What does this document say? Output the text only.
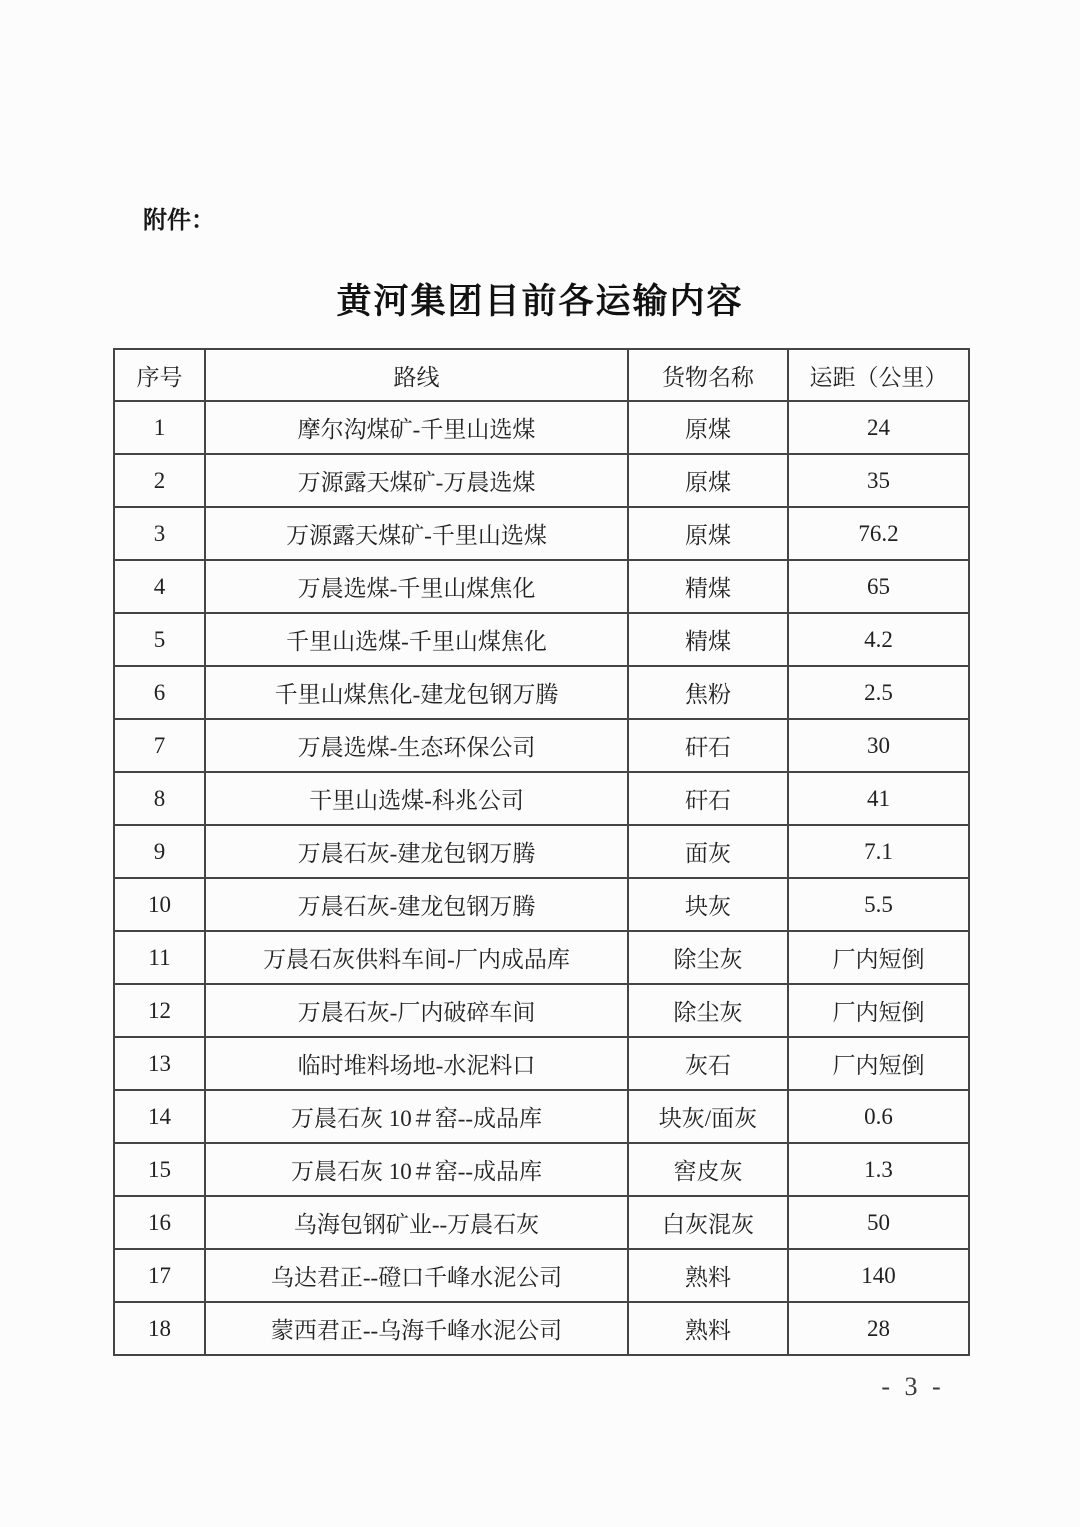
附件：
黄河集团目前各运输内容
序号	路线	货物名称	运距（公里）
1	摩尔沟煤矿-千里山选煤	原煤	24
2	万源露天煤矿-万晨选煤	原煤	35
3	万源露天煤矿-千里山选煤	原煤	76.2
4	万晨选煤-千里山煤焦化	精煤	65
5	千里山选煤-千里山煤焦化	精煤	4.2
6	千里山煤焦化-建龙包钢万腾	焦粉	2.5
7	万晨选煤-生态环保公司	矸石	30
8	干里山选煤-科兆公司	矸石	41
9	万晨石灰-建龙包钢万腾	面灰	7.1
10	万晨石灰-建龙包钢万腾	块灰	5.5
11	万晨石灰供料车间-厂内成品库	除尘灰	厂内短倒
12	万晨石灰-厂内破碎车间	除尘灰	厂内短倒
13	临时堆料场地-水泥料口	灰石	厂内短倒
14	万晨石灰 10＃窑--成品库	块灰/面灰	0.6
15	万晨石灰 10＃窑--成品库	窖皮灰	1.3
16	乌海包钢矿业--万晨石灰	白灰混灰	50
17	乌达君正--磴口千峰水泥公司	熟料	140
18	蒙西君正--乌海千峰水泥公司	熟料	28
- 3 -
